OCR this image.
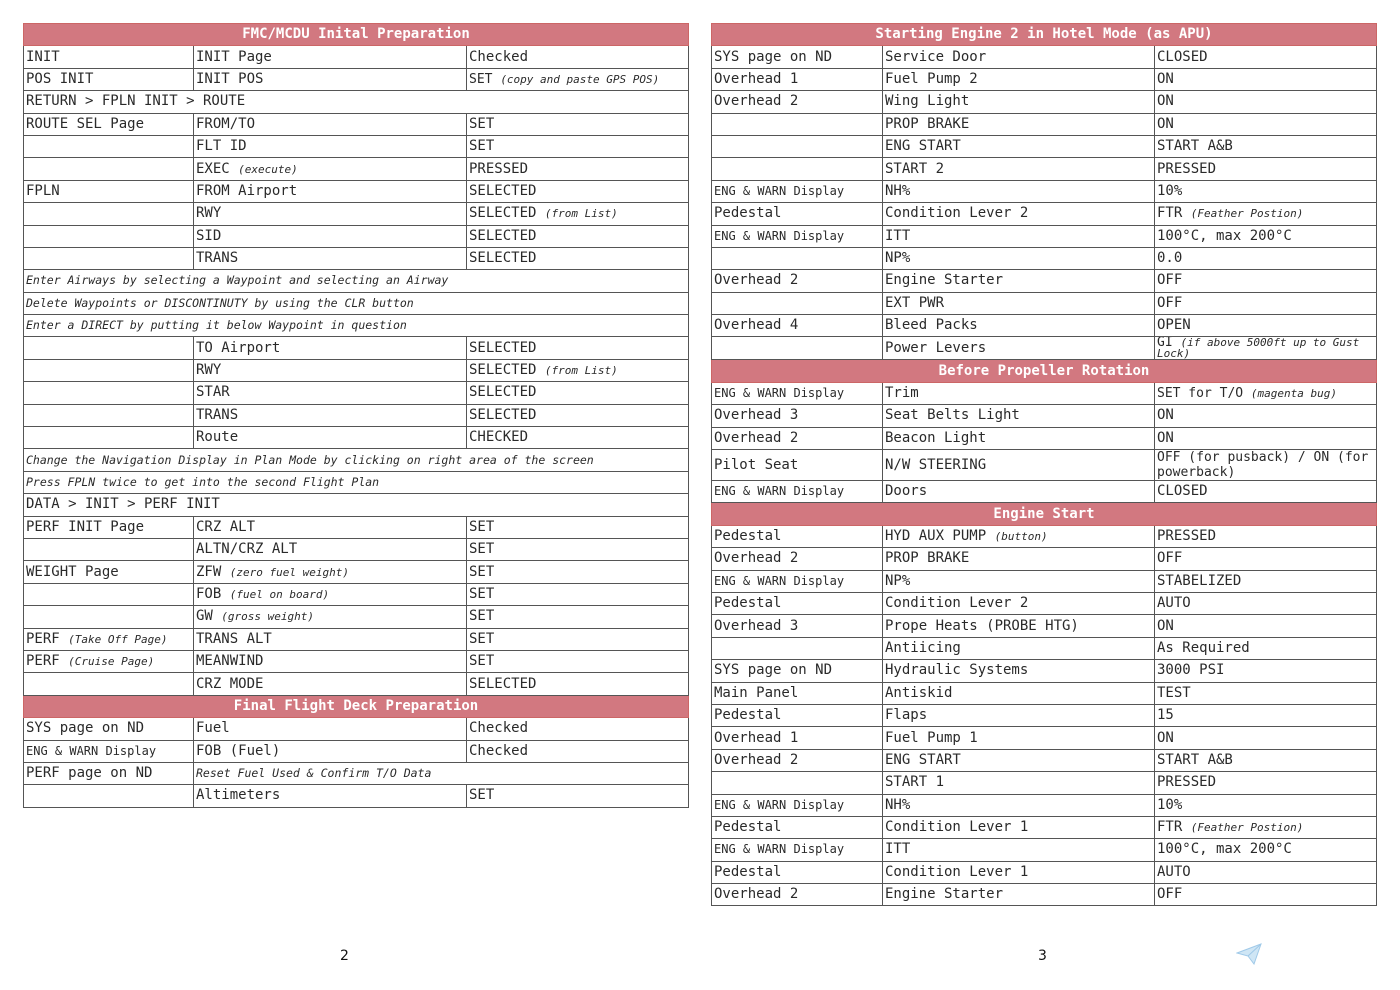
FMC/MCDU Inital Preparation		
INIT	INIT Page	Checked
POS INIT	INIT POS	SET (copy and paste GPS POS)
RETURN > FPLN INIT > ROUTE		
ROUTE SEL Page	FROM/TO	SET
	FLT ID	SET
	EXEC (execute)	PRESSED
FPLN	FROM Airport	SELECTED
	RWY	SELECTED (from List)
	SID	SELECTED
	TRANS	SELECTED
Enter Airways by selecting a Waypoint and selecting an Airway		
Delete Waypoints or DISCONTINUTY by using the CLR button		
Enter a DIRECT by putting it below Waypoint in question		
	TO Airport	SELECTED
	RWY	SELECTED (from List)
	STAR	SELECTED
	TRANS	SELECTED
	Route	CHECKED
Change the Navigation Display in Plan Mode by clicking on right area of the screen		
Press FPLN twice to get into the second Flight Plan		
DATA > INIT > PERF INIT		
PERF INIT Page	CRZ ALT	SET
	ALTN/CRZ ALT	SET
WEIGHT Page	ZFW (zero fuel weight)	SET
	FOB (fuel on board)	SET
	GW (gross weight)	SET
PERF (Take Off Page)	TRANS ALT	SET
PERF (Cruise Page)	MEANWIND	SET
	CRZ MODE	SELECTED
Final Flight Deck Preparation		
SYS page on ND	Fuel	Checked
ENG & WARN Display	FOB (Fuel)	Checked
PERF page on ND	Reset Fuel Used & Confirm T/O Data	
	Altimeters	SET
Starting Engine 2 in Hotel Mode (as APU)		
SYS page on ND	Service Door	CLOSED
Overhead 1	Fuel Pump 2	ON
Overhead 2	Wing Light	ON
	PROP BRAKE	ON
	ENG START	START A&B
	START 2	PRESSED
ENG & WARN Display	NH%	10%
Pedestal	Condition Lever 2	FTR (Feather Postion)
ENG & WARN Display	ITT	100°C, max 200°C
	NP%	0.0
Overhead 2	Engine Starter	OFF
	EXT PWR	OFF
Overhead 4	Bleed Packs	OPEN
	Power Levers	GI (if above 5000ft up to Gust Lock)
Before Propeller Rotation		
ENG & WARN Display	Trim	SET for T/O (magenta bug)
Overhead 3	Seat Belts Light	ON
Overhead 2	Beacon Light	ON
Pilot Seat	N/W STEERING	OFF (for pusback) / ON (for powerback)
ENG & WARN Display	Doors	CLOSED
Engine Start		
Pedestal	HYD AUX PUMP (button)	PRESSED
Overhead 2	PROP BRAKE	OFF
ENG & WARN Display	NP%	STABELIZED
Pedestal	Condition Lever 2	AUTO
Overhead 3	Prope Heats (PROBE HTG)	ON
	Antiicing	As Required
SYS page on ND	Hydraulic Systems	3000 PSI
Main Panel	Antiskid	TEST
Pedestal	Flaps	15
Overhead 1	Fuel Pump 1	ON
Overhead 2	ENG START	START A&B
	START 1	PRESSED
ENG & WARN Display	NH%	10%
Pedestal	Condition Lever 1	FTR (Feather Postion)
ENG & WARN Display	ITT	100°C, max 200°C
Pedestal	Condition Lever 1	AUTO
Overhead 2	Engine Starter	OFF
2	3
